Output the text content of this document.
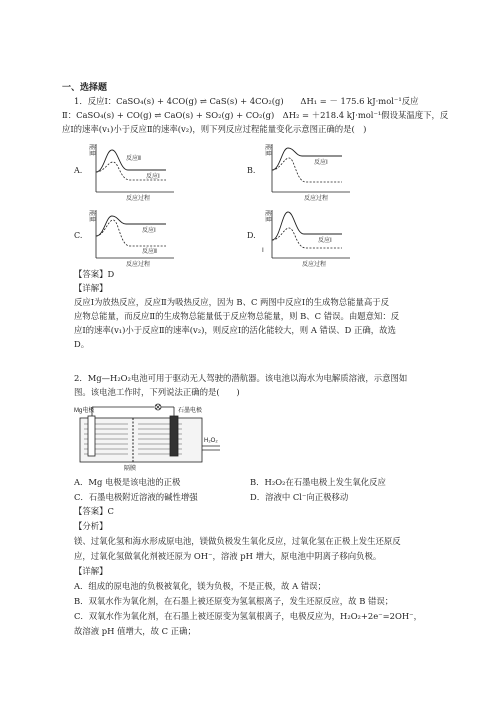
一、选择题
1．反应Ⅰ：CaSO₄(s) + 4CO(g) ⇌ CaS(s) + 4CO₂(g)　　ΔH₁ = － 175.6 kJ·mol⁻¹反应
Ⅱ：CaSO₄(s) + CO(g) ⇌ CaO(s) + SO₂(g) + CO₂(g)　ΔH₂ = ＋218.4 kJ·mol⁻¹假设某温度下，反
应Ⅰ的速率(v₁)小于反应Ⅱ的速率(v₂)，则下列反应过程能量变化示意图正确的是(　)
A.	B.
C.	D.
能量
反应Ⅱ
反应Ⅰ
反应过程
能量
反应Ⅰ
反应过程
能量
反应Ⅰ
反应Ⅱ
反应过程
能量
Ⅰ
反应Ⅰ
反应过程
【答案】D
【详解】
反应Ⅰ为放热反应，反应Ⅱ为吸热反应，因为 B、C 两图中反应Ⅰ的生成物总能量高于反
应物总能量，而反应Ⅱ的生成物总能量低于反应物总能量，则 B、C 错误。由题意知：反
应Ⅰ的速率(v₁)小于反应Ⅱ的速率(v₂)，则反应Ⅰ的活化能较大，则 A 错误、D 正确，故选
D。
2．Mg—H₂O₂电池可用于驱动无人驾驶的潜航器。该电池以海水为电解质溶液，示意图如
图。该电池工作时，下列说法正确的是(　　)
Mg电极	石墨电极
H₂O₂
隔膜
A．Mg 电极是该电池的正极	B．H₂O₂在石墨电极上发生氧化反应
C．石墨电极附近溶液的碱性增强	D．溶液中 Cl⁻向正极移动
【答案】C
【分析】
镁、过氧化氢和海水形成原电池，镁做负极发生氧化反应，过氧化氢在正极上发生还原反
应，过氧化氢做氧化剂被还原为 OH⁻，溶液 pH 增大，原电池中阴离子移向负极。
【详解】
A．组成的原电池的负极被氧化，镁为负极，不是正极，故 A 错误；
B．双氧水作为氧化剂，在石墨上被还原变为氢氧根离子，发生还原反应，故 B 错误；
C．双氧水作为氧化剂，在石墨上被还原变为氢氧根离子，电极反应为，H₂O₂+2e⁻=2OH⁻，
故溶液 pH 值增大，故 C 正确；
